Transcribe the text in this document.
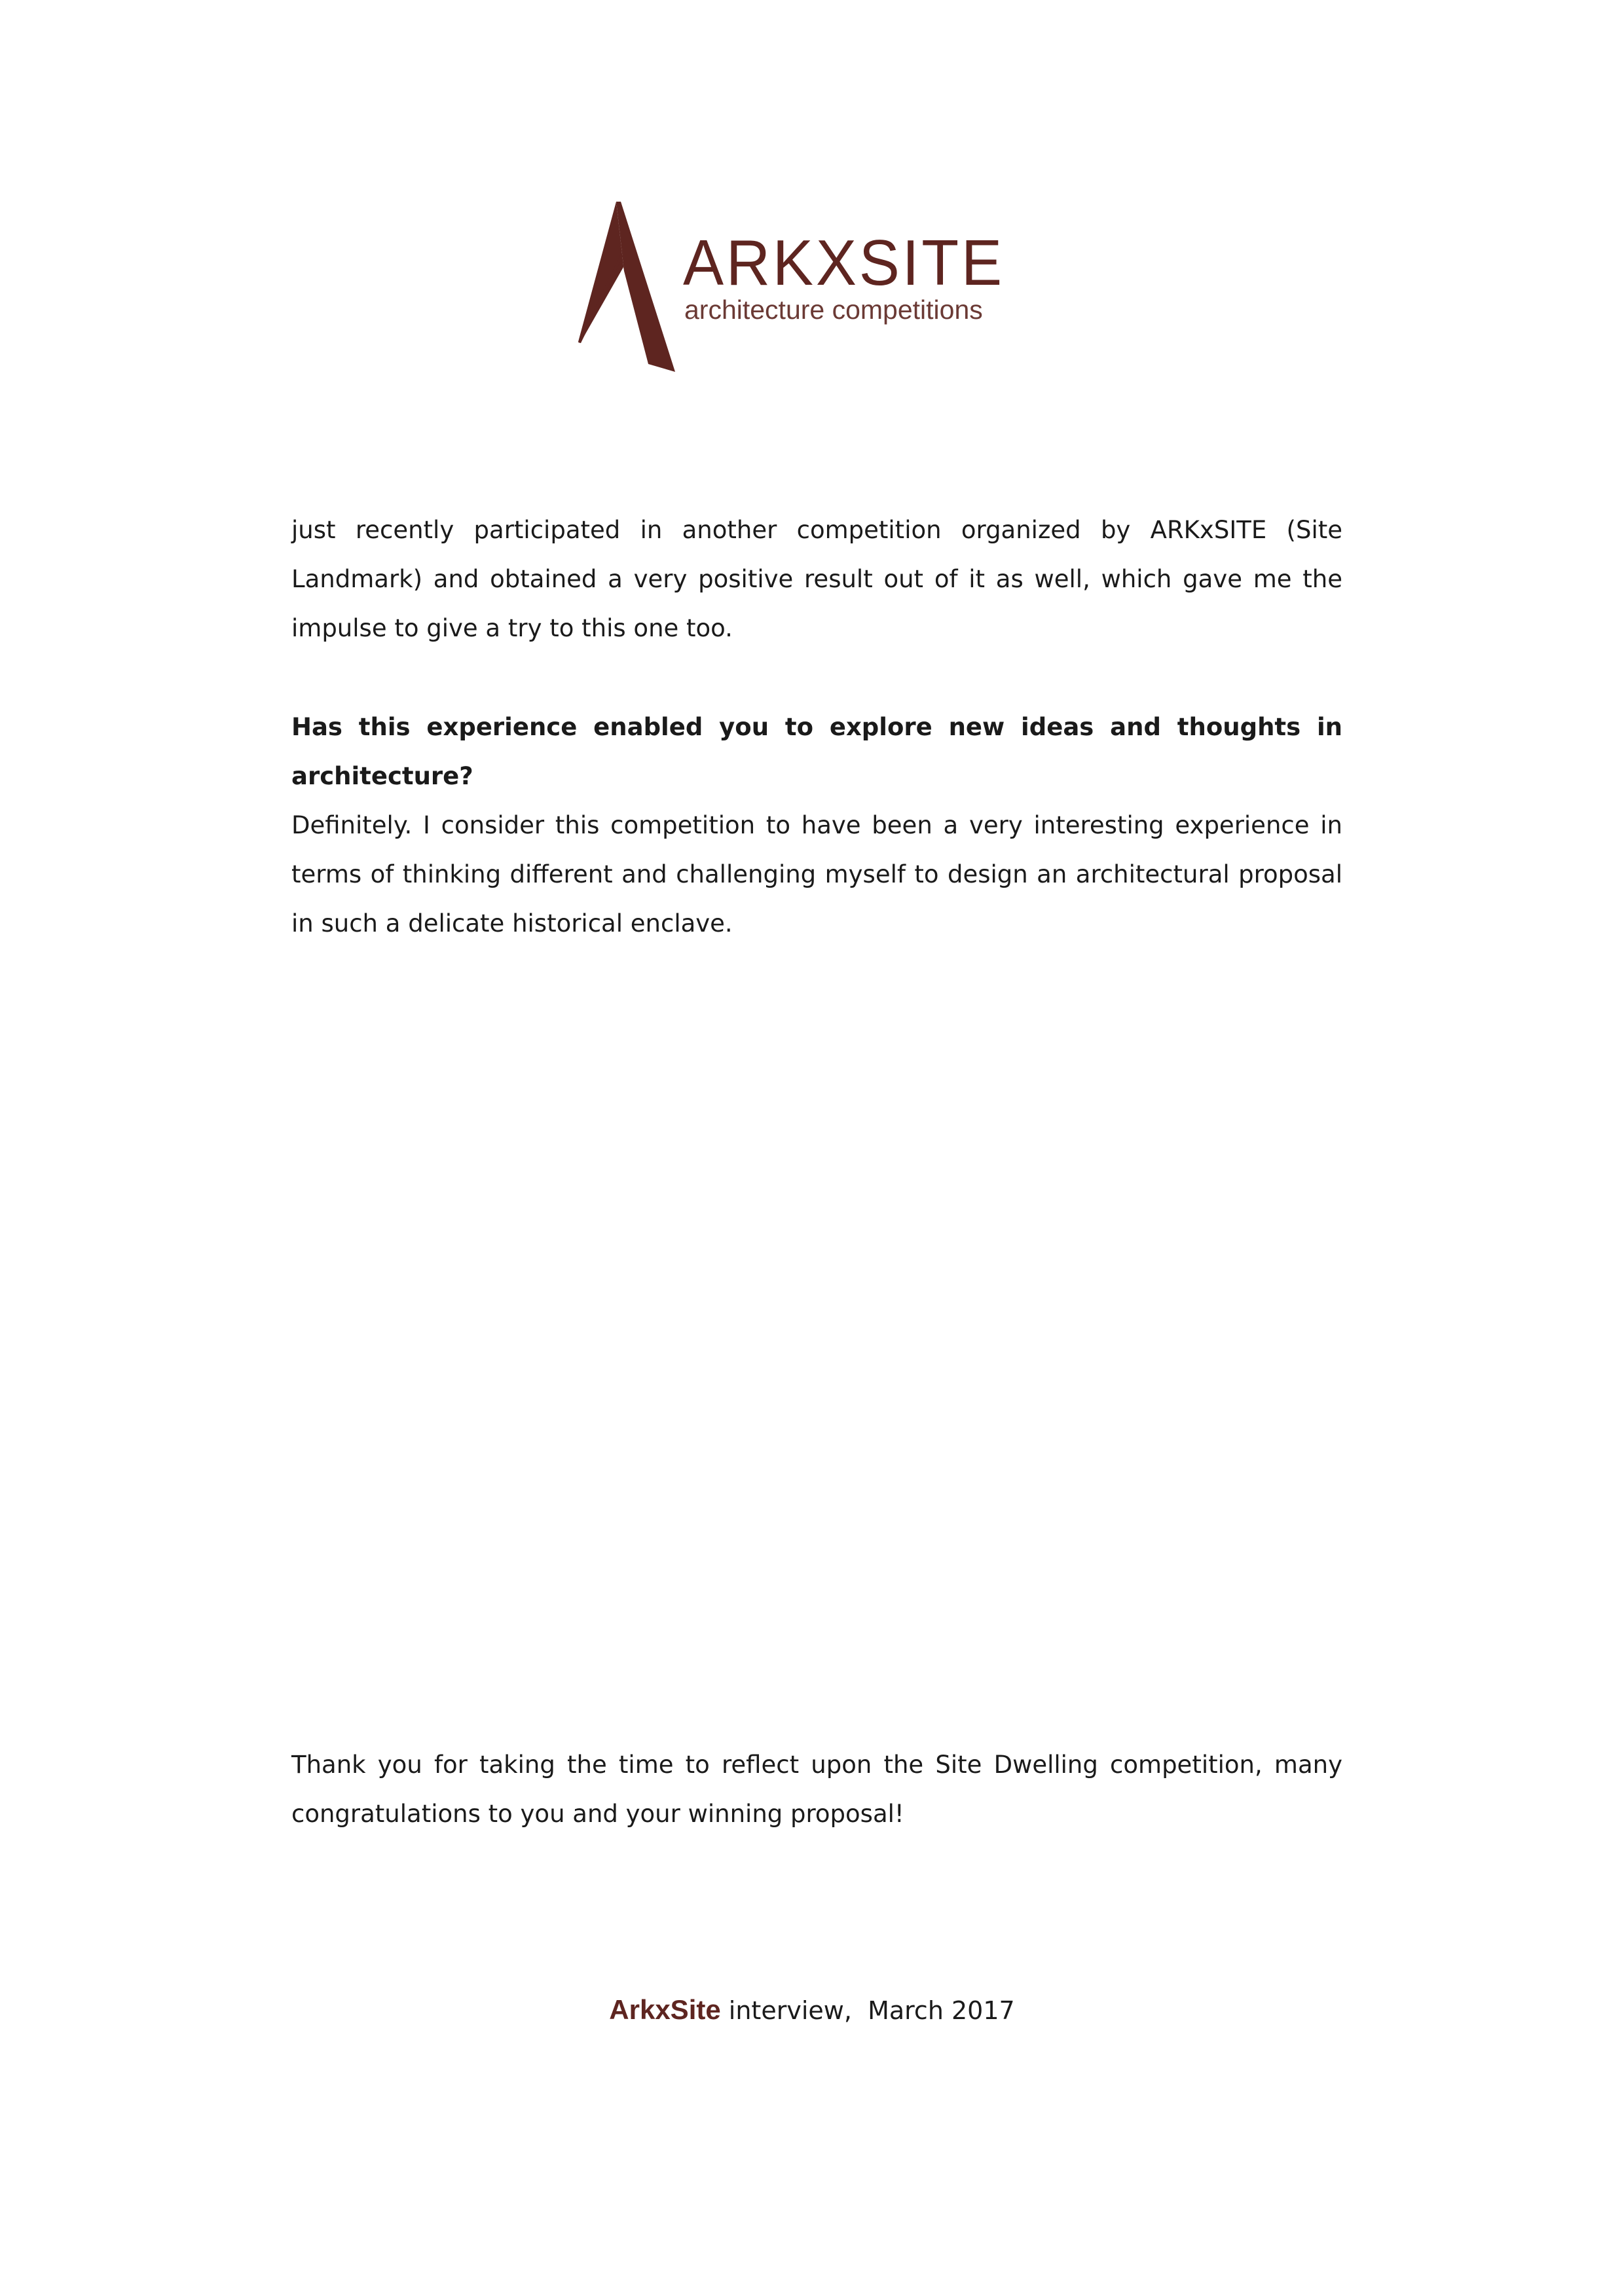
ARKXSITE
architecture competitions

just recently participated in another competition organized by ARKxSITE (Site Landmark) and obtained a very positive result out of it as well, which gave me the impulse to give a try to this one too.

Has this experience enabled you to explore new ideas and thoughts in architecture?

Definitely. I consider this competition to have been a very interesting experience in terms of thinking different and challenging myself to design an architectural proposal in such a delicate historical enclave.

Thank you for taking the time to reflect upon the Site Dwelling competition, many congratulations to you and your winning proposal!

ArkxSite interview,  March 2017
